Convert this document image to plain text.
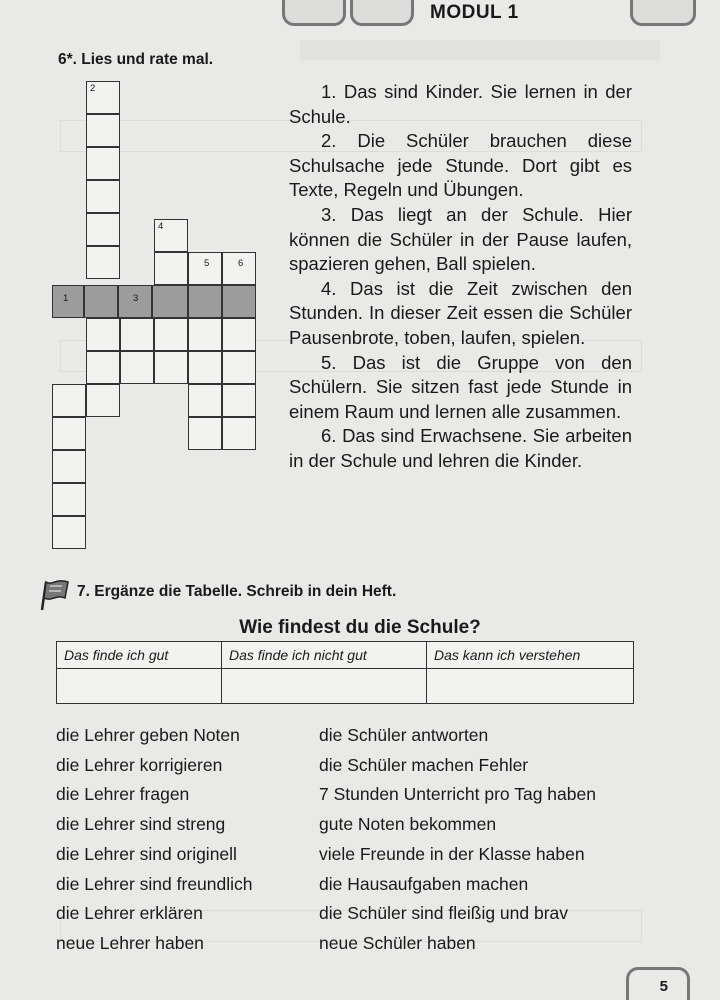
MODUL 1
6*. Lies und rate mal.
2
4
5	6
1	3

1. Das sind Kinder. Sie lernen in der Schule.

2. Die Schüler brauchen diese Schulsache jede Stunde. Dort gibt es Texte, Regeln und Übungen.

3. Das liegt an der Schule. Hier können die Schüler in der Pause laufen, spazieren gehen, Ball spielen.

4. Das ist die Zeit zwischen den Stunden. In dieser Zeit essen die Schüler Pausenbrote, toben, laufen, spielen.

5. Das ist die Gruppe von den Schülern. Sie sitzen fast jede Stunde in einem Raum und lernen alle zusammen.

6. Das sind Erwachsene. Sie arbeiten in der Schule und lehren die Kinder.

7. Ergänze die Tabelle. Schreib in dein Heft.
Wie findest du die Schule?
Das finde ich gut	Das finde ich nicht gut	Das kann ich verstehen

die Lehrer geben Noten
die Lehrer korrigieren
die Lehrer fragen
die Lehrer sind streng
die Lehrer sind originell
die Lehrer sind freundlich
die Lehrer erklären
neue Lehrer haben
die Schüler antworten
die Schüler machen Fehler
7 Stunden Unterricht pro Tag haben
gute Noten bekommen
viele Freunde in der Klasse haben
die Hausaufgaben machen
die Schüler sind fleißig und brav
neue Schüler haben
5
